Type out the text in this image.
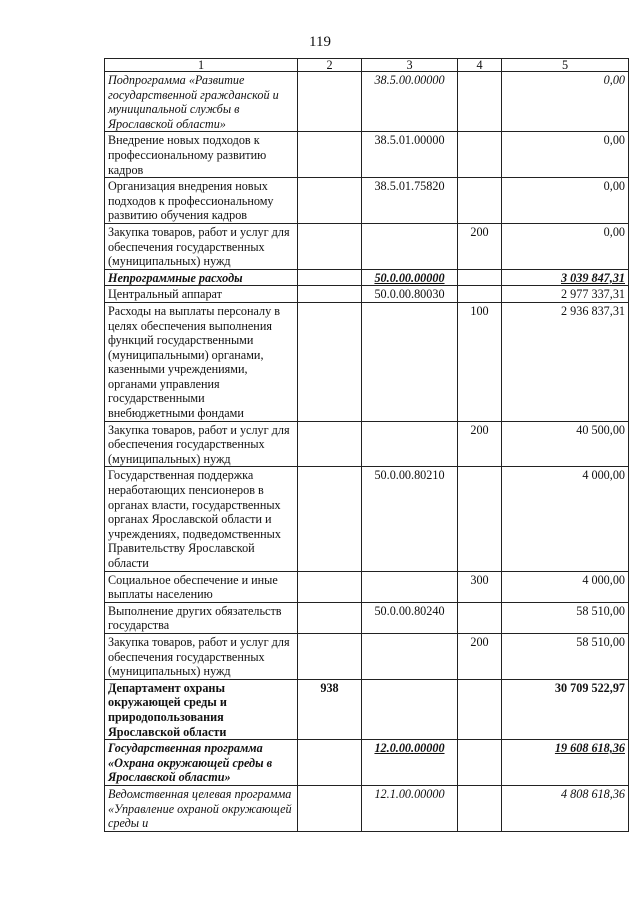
119
1	2	3	4	5
Подпрограмма «Развитие государственной гражданской и муниципальной службы в Ярославской области»		38.5.00.00000		0,00
Внедрение новых подходов к профессиональному развитию кадров		38.5.01.00000		0,00
Организация внедрения новых подходов к профессиональному развитию обучения кадров		38.5.01.75820		0,00
Закупка товаров, работ и услуг для обеспечения государственных (муниципальных) нужд			200	0,00
Непрограммные расходы		50.0.00.00000		3 039 847,31
Центральный аппарат		50.0.00.80030		2 977 337,31
Расходы на выплаты персоналу в целях обеспечения выполнения функций государственными (муниципальными) органами, казенными учреждениями, органами управления государственными внебюджетными фондами			100	2 936 837,31
Закупка товаров, работ и услуг для обеспечения государственных (муниципальных) нужд			200	40 500,00
Государственная поддержка неработающих пенсионеров в органах власти, государственных органах Ярославской области и учреждениях, подведомственных Правительству Ярославской области		50.0.00.80210		4 000,00
Социальное обеспечение и иные выплаты населению			300	4 000,00
Выполнение других обязательств государства		50.0.00.80240		58 510,00
Закупка товаров, работ и услуг для обеспечения государственных (муниципальных) нужд			200	58 510,00
Департамент охраны окружающей среды и природопользования Ярославской области	938			30 709 522,97
Государственная программа «Охрана окружающей среды в Ярославской области»		12.0.00.00000		19 608 618,36
Ведомственная целевая программа «Управление охраной окружающей среды и		12.1.00.00000		4 808 618,36
